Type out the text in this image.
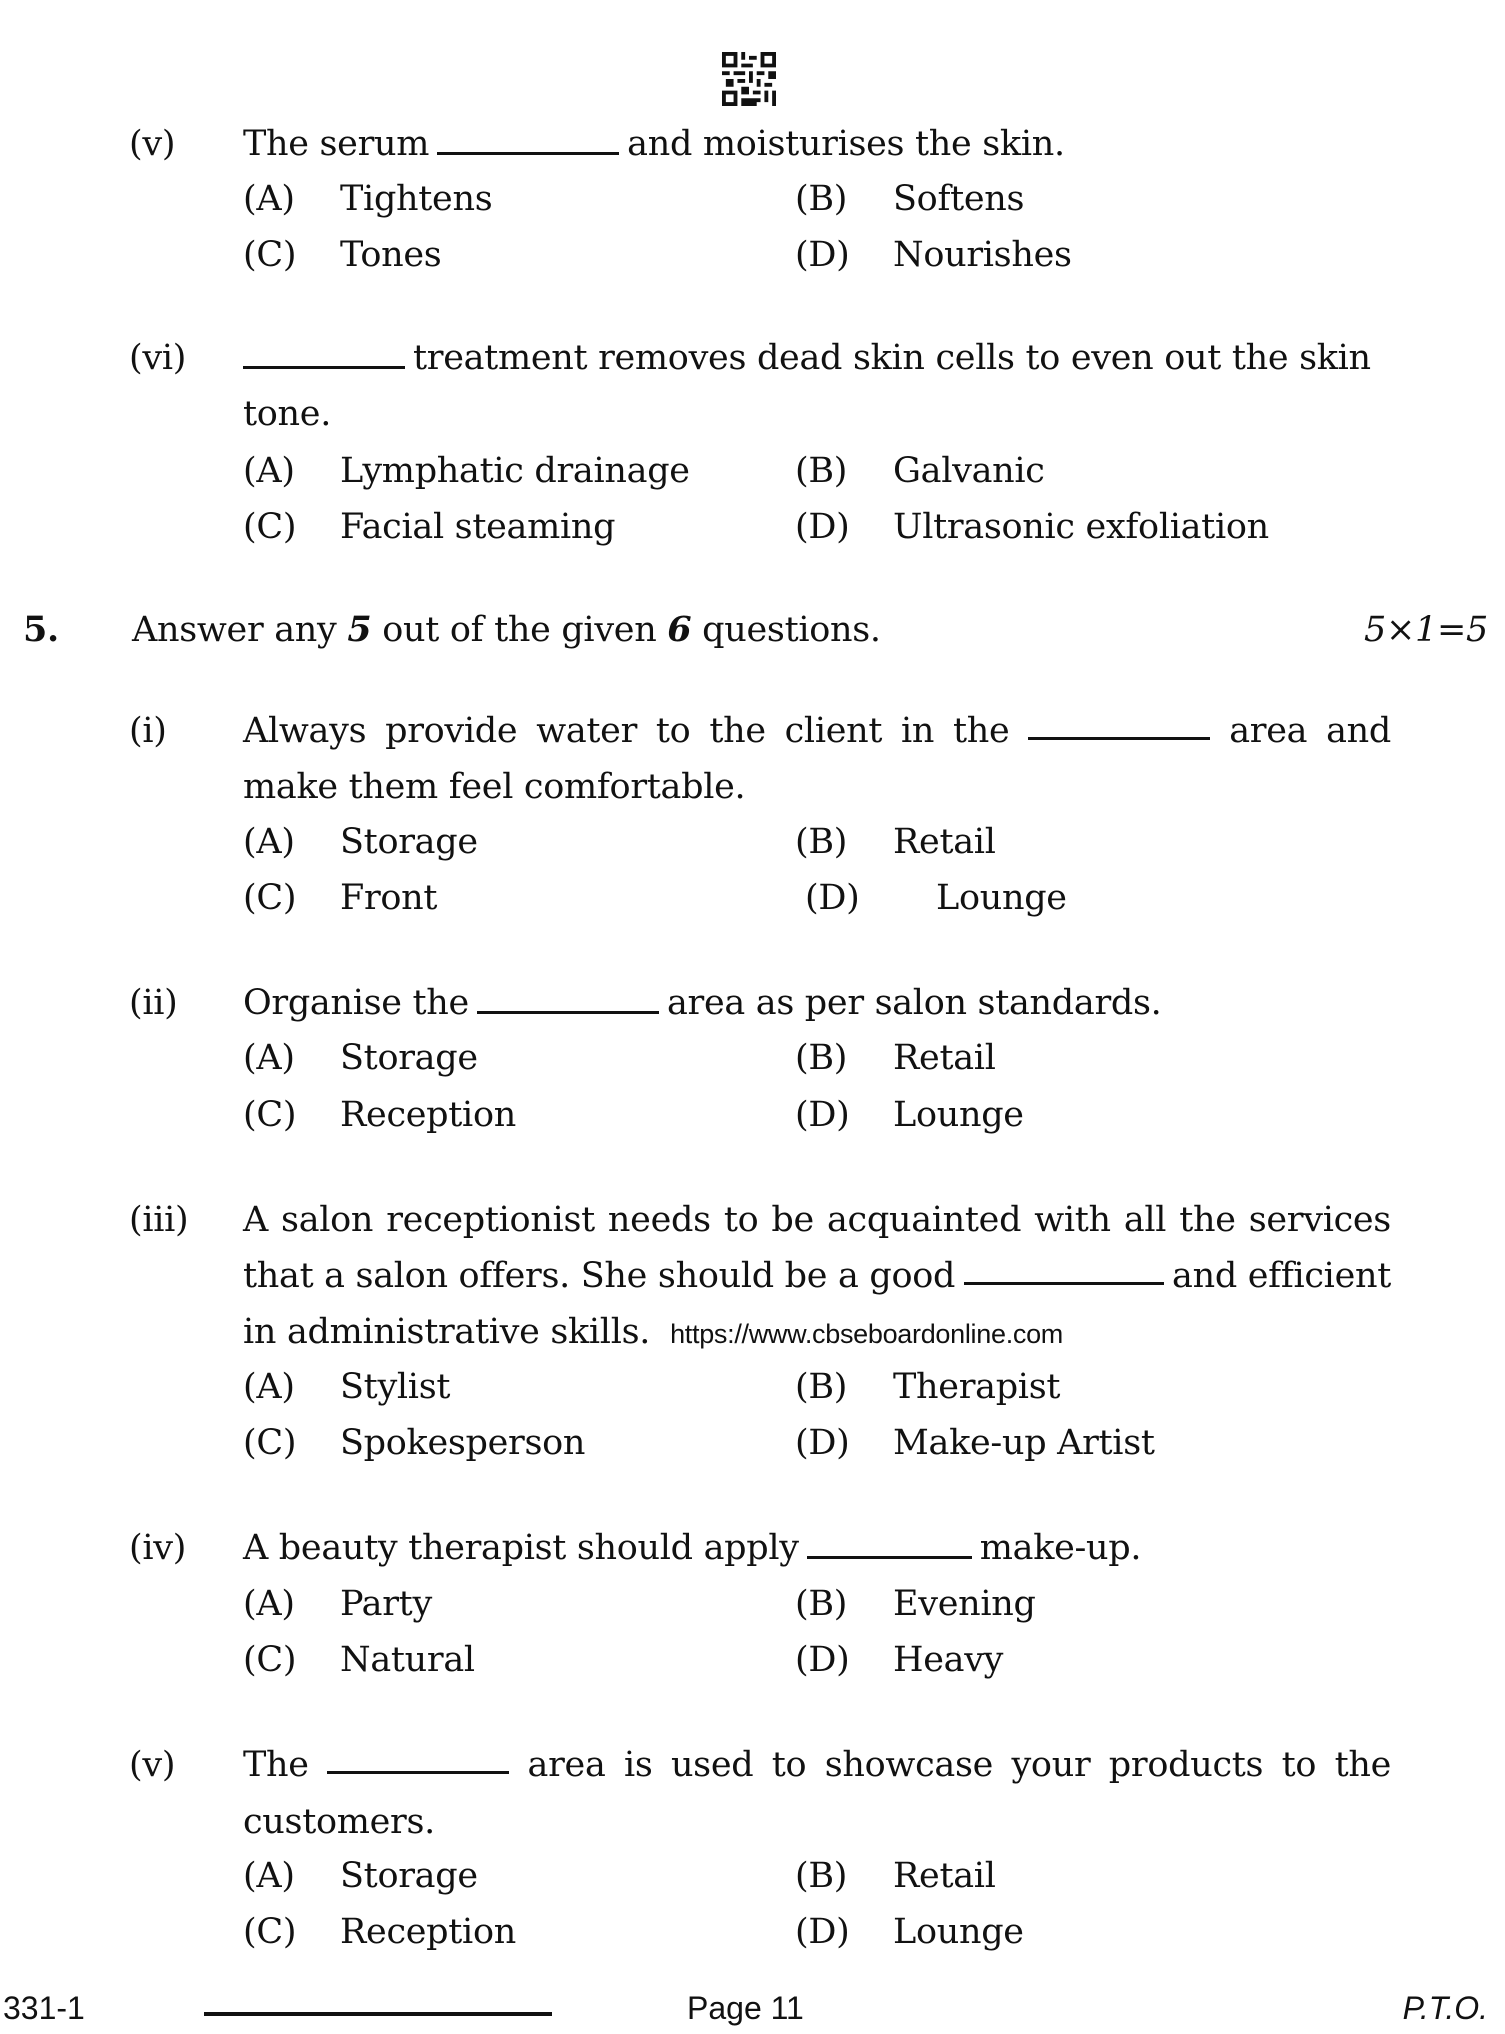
(v) The serum	and moisturises the skin.
(A) Tightens	(B) Softens
(C) Tones	(D) Nourishes
(vi)	treatment removes dead skin cells to even out the skin
tone.
(A) Lymphatic drainage	(B) Galvanic
(C) Facial steaming	(D) Ultrasonic exfoliation
5. Answer any 5 out of the given 6 questions.	5×1=5
(i) Always provide water to the client in the	area and
make them feel comfortable.
(A) Storage	(B) Retail
(C) Front	(D) Lounge
(ii) Organise the	area as per salon standards.
(A) Storage	(B) Retail
(C) Reception	(D) Lounge
(iii) A salon receptionist needs to be acquainted with all the services
that a salon offers. She should be a good	and efficient
in administrative skills. https://www.cbseboardonline.com
(A) Stylist	(B) Therapist
(C) Spokesperson	(D) Make-up Artist
(iv) A beauty therapist should apply	make-up.
(A) Party	(B) Evening
(C) Natural	(D) Heavy
(v) The	area is used to showcase your products to the
customers.
(A) Storage	(B) Retail
(C) Reception	(D) Lounge
331-1	Page 11	P.T.O.
